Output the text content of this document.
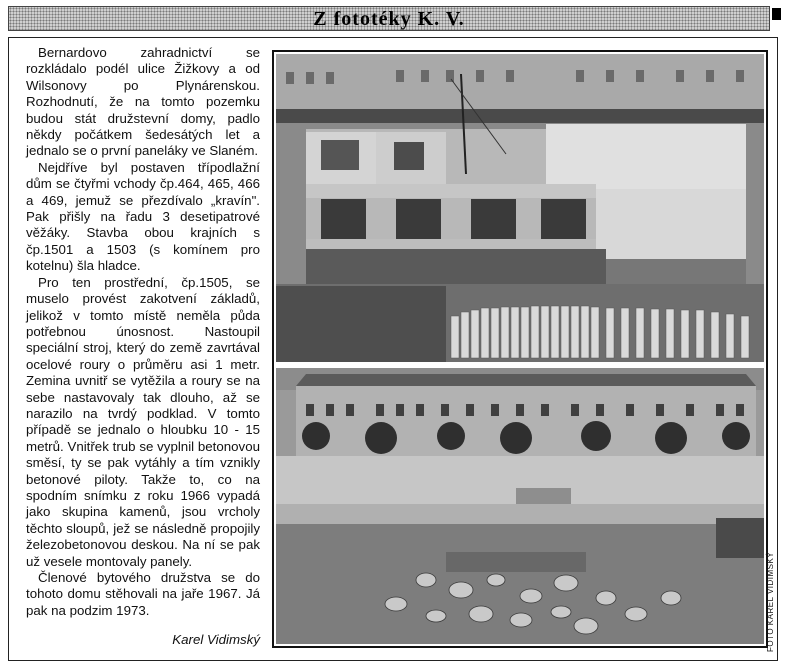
Z fototéky K. V.

Bernardovo zahradnictví se rozkládalo podél ulice Žižkovy a od Wilsonovy po Plynárenskou. Rozhodnutí, že na tomto pozemku budou stát družstevní domy, padlo někdy počátkem šedesátých let a jednalo se o první paneláky ve Slaném.

Nejdříve byl postaven třípodlažní dům se čtyřmi vchody čp.464, 465, 466 a 469, jemuž se přezdívalo „kravín". Pak přišly na řadu 3 desetipatrové věžáky. Stavba obou krajních s čp.1501 a 1503 (s komínem pro kotelnu) šla hladce.

Pro ten prostřední, čp.1505, se muselo provést zakotvení základů, jelikož v tomto místě neměla půda potřebnou únosnost. Nastoupil speciální stroj, který do země zavrtával ocelové roury o průměru asi 1 metr. Zemina uvnitř se vytěžila a roury se na sebe nastavovaly tak dlouho, až se narazilo na tvrdý podklad. V tomto případě se jednalo o hloubku 10 - 15 metrů. Vnitřek trub se vyplnil betonovou směsí, ty se pak vytáhly a tím vznikly betonové piloty. Takže to, co na spodním snímku z roku 1966 vypadá jako skupina kamenů, jsou vrcholy těchto sloupů, jež se následně propojily železobetonovou deskou. Na ní se pak už vesele montovaly panely.

Členové bytového družstva se do tohoto domu stěhovali na jaře 1967. Já pak na podzim 1973.

Karel Vidimský	FOTO KAREL VIDIMSKÝ
